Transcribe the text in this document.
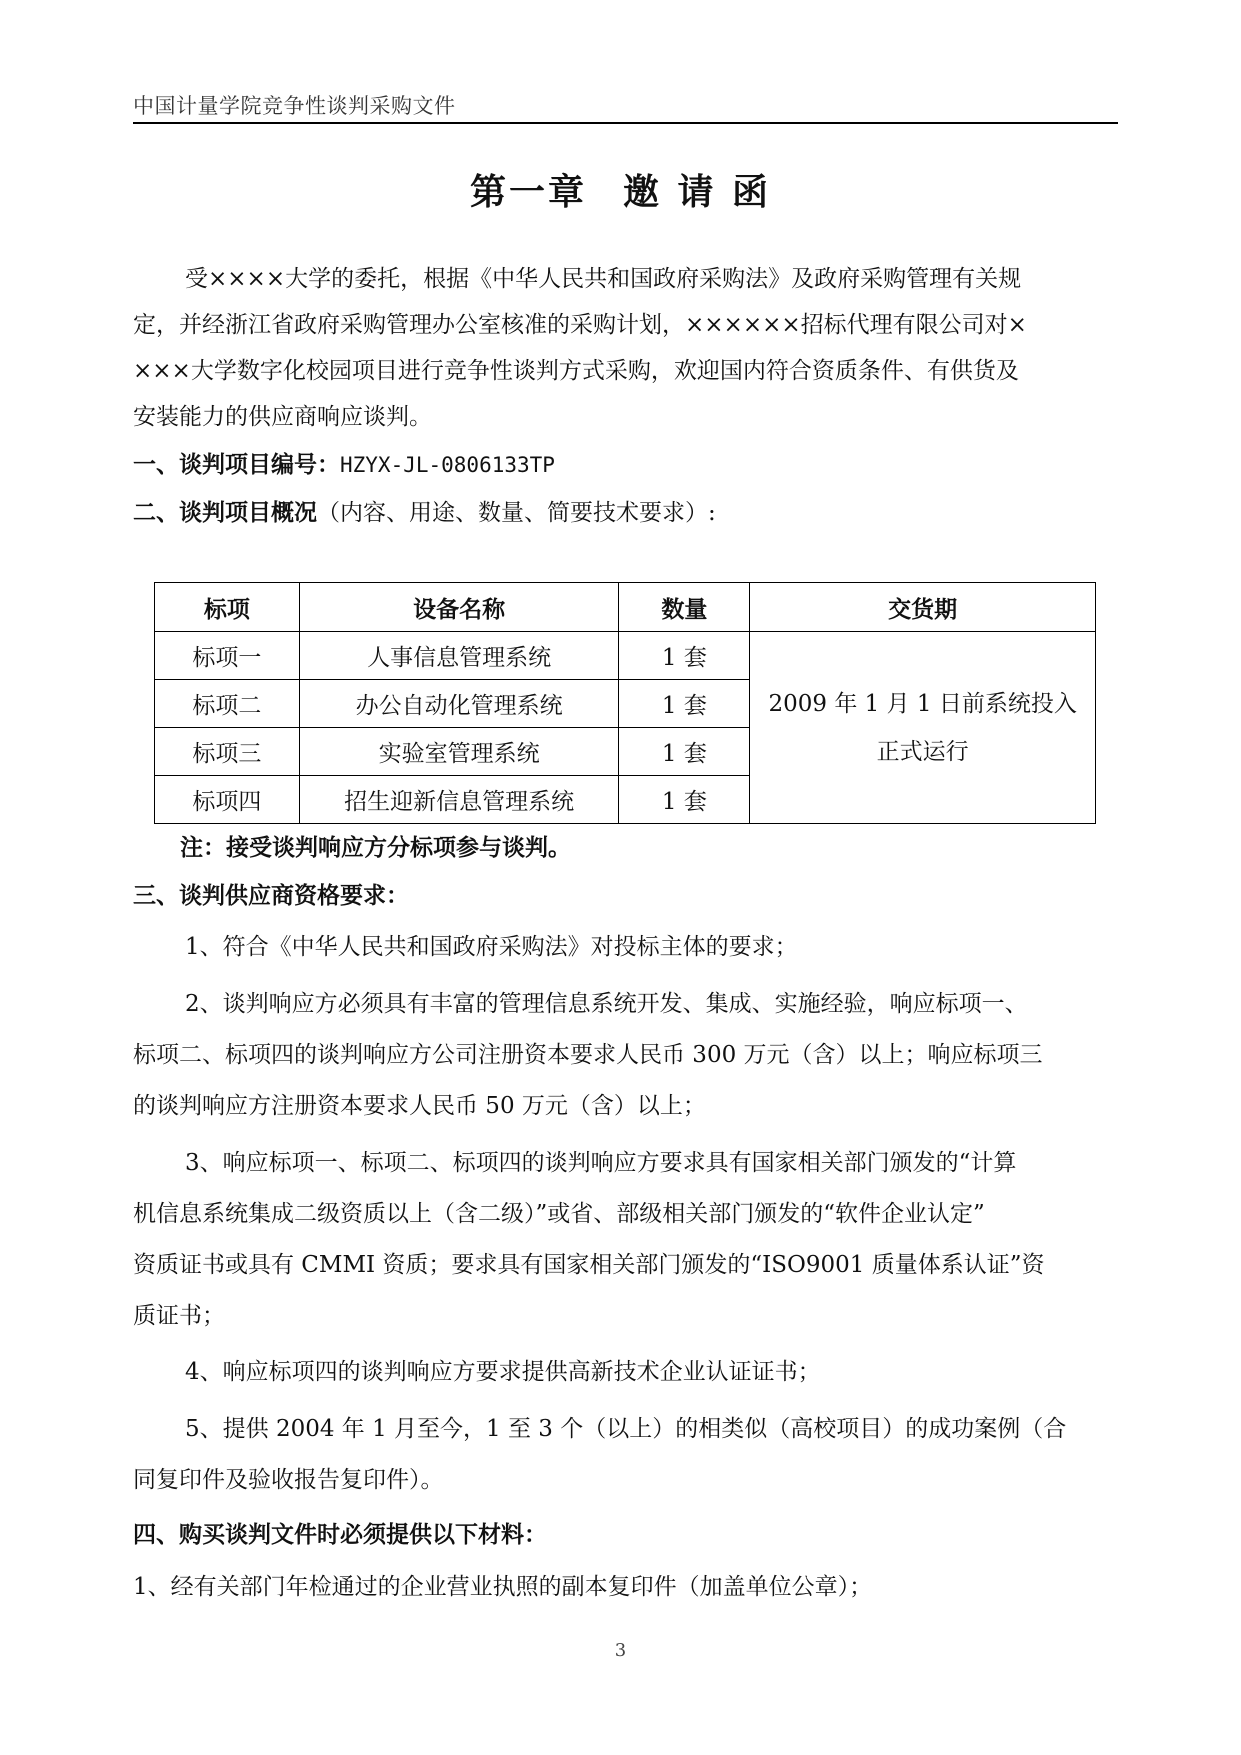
中国计量学院竞争性谈判采购文件
第一章 邀 请 函
受××××大学的委托，根据《中华人民共和国政府采购法》及政府采购管理有关规
定，并经浙江省政府采购管理办公室核准的采购计划，××××××招标代理有限公司对×
×××大学数字化校园项目进行竞争性谈判方式采购，欢迎国内符合资质条件、有供货及
安装能力的供应商响应谈判。
一、谈判项目编号：HZYX-JL-0806133TP
二、谈判项目概况（内容、用途、数量、简要技术要求）:
标项	设备名称	数量	交货期
标项一	人事信息管理系统	1 套	2009 年 1 月 1 日前系统投入
正式运行

标项二	办公自动化管理系统	1 套	
标项三	实验室管理系统	1 套	
标项四	招生迎新信息管理系统	1 套	
注：接受谈判响应方分标项参与谈判。
三、谈判供应商资格要求：
1、符合《中华人民共和国政府采购法》对投标主体的要求；
2、谈判响应方必须具有丰富的管理信息系统开发、集成、实施经验，响应标项一、
标项二、标项四的谈判响应方公司注册资本要求人民币 300 万元（含）以上；响应标项三
的谈判响应方注册资本要求人民币 50 万元（含）以上；
3、响应标项一、标项二、标项四的谈判响应方要求具有国家相关部门颁发的“计算
机信息系统集成二级资质以上（含二级）”或省、部级相关部门颁发的“软件企业认定”
资质证书或具有 CMMI 资质；要求具有国家相关部门颁发的“ISO9001 质量体系认证”资
质证书；
4、响应标项四的谈判响应方要求提供高新技术企业认证证书；
5、提供 2004 年 1 月至今，1 至 3 个（以上）的相类似（高校项目）的成功案例（合
同复印件及验收报告复印件）。
四、购买谈判文件时必须提供以下材料：
1、经有关部门年检通过的企业营业执照的副本复印件（加盖单位公章）；
3
